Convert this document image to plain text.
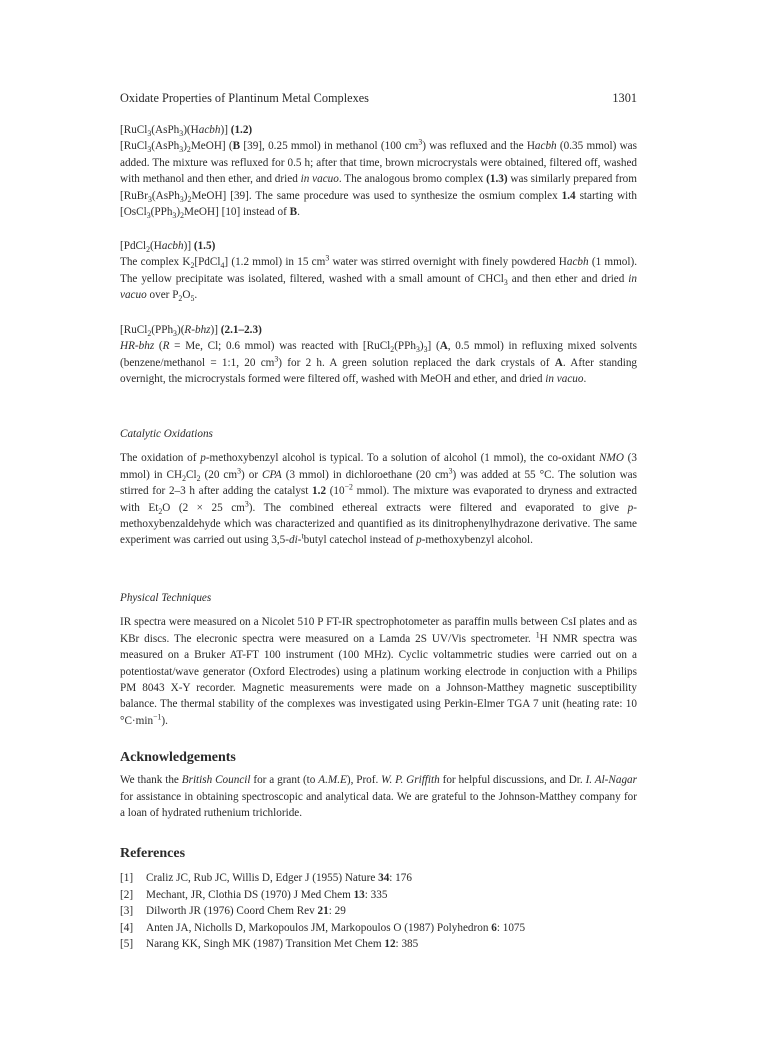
Oxidate Properties of Plantinum Metal Complexes	1301
[RuCl$_3$(AsPh$_3$)(Hacbh)] (1.2)

$[RuCl_3(AsPh_3)_2MeOH]$ (B [39], 0.25 mmol) in methanol (100 $cm^3$) was refluxed and the Hacbh (0.35 mmol) was added. The mixture was refluxed for 0.5 h; after that time, brown microcrystals were obtained, filtered off, washed with methanol and then ether, and dried in vacuo. The analogous bromo complex (1.3) was similarly prepared from $[RuBr_3(AsPh_3)_2MeOH]$ [39]. The same procedure was used to synthesize the osmium complex 1.4 starting with $[OsCl_3(PPh_3)_2MeOH]$ [10] instead of B.

[PdCl$_2$(Hacbh)] (1.5)

The complex $K_2[PdCl_4]$ (1.2 mmol) in 15 $cm^3$ water was stirred overnight with finely powdered Hacbh (1 mmol). The yellow precipitate was isolated, filtered, washed with a small amount of CHCl$_3$ and then ether and dried in vacuo over $P_2O_5$.

[RuCl$_2$(PPh$_3$)(R-bhz)] (2.1–2.3)

HR-bhz (R = Me, Cl; 0.6 mmol) was reacted with $[RuCl_2(PPh_3)_3]$ (A, 0.5 mmol) in refluxing mixed solvents (benzene/methanol = 1:1, 20 $cm^3$) for 2 h. A green solution replaced the dark crystals of A. After standing overnight, the microcrystals formed were filtered off, washed with MeOH and ether, and dried in vacuo.

Catalytic Oxidations

The oxidation of p-methoxybenzyl alcohol is typical. To a solution of alcohol (1 mmol), the co-oxidant NMO (3 mmol) in $CH_2Cl_2$ (20 $cm^3$) or CPA (3 mmol) in dichloroethane (20 $cm^3$) was added at 55 °C. The solution was stirred for 2–3 h after adding the catalyst 1.2 ($10^{-2}$ mmol). The mixture was evaporated to dryness and extracted with $Et_2O$ (2 × 25 $cm^3$). The combined ethereal extracts were filtered and evaporated to give p-methoxybenzaldehyde which was characterized and quantified as its dinitrophenylhydrazone derivative. The same experiment was carried out using 3,5-di-$^t$butyl catechol instead of p-methoxybenzyl alcohol.

Physical Techniques

IR spectra were measured on a Nicolet 510 P FT-IR spectrophotometer as paraffin mulls between CsI plates and as KBr discs. The elecronic spectra were measured on a Lamda 2S UV/Vis spectrometer. $^1$H NMR spectra was measured on a Bruker AT-FT 100 instrument (100 MHz). Cyclic voltammetric studies were carried out on a potentiostat/wave generator (Oxford Electrodes) using a platinum working electrode in conjuction with a Philips PM 8043 X-Y recorder. Magnetic measurements were made on a Johnson-Matthey magnetic susceptibility balance. The thermal stability of the complexes was investigated using Perkin-Elmer TGA 7 unit (heating rate: 10 $^\circ C\cdot\min^{-1}$).

Acknowledgements

We thank the British Council for a grant (to A.M.E), Prof. W. P. Griffith for helpful discussions, and Dr. I. Al-Nagar for assistance in obtaining spectroscopic and analytical data. We are grateful to the Johnson-Matthey company for a loan of hydrated ruthenium trichloride.

References
[1] Craliz JC, Rub JC, Willis D, Edger J (1955) Nature 34: 176
[2] Mechant, JR, Clothia DS (1970) J Med Chem 13: 335
[3] Dilworth JR (1976) Coord Chem Rev 21: 29
[4] Anten JA, Nicholls D, Markopoulos JM, Markopoulos O (1987) Polyhedron 6: 1075
[5] Narang KK, Singh MK (1987) Transition Met Chem 12: 385
